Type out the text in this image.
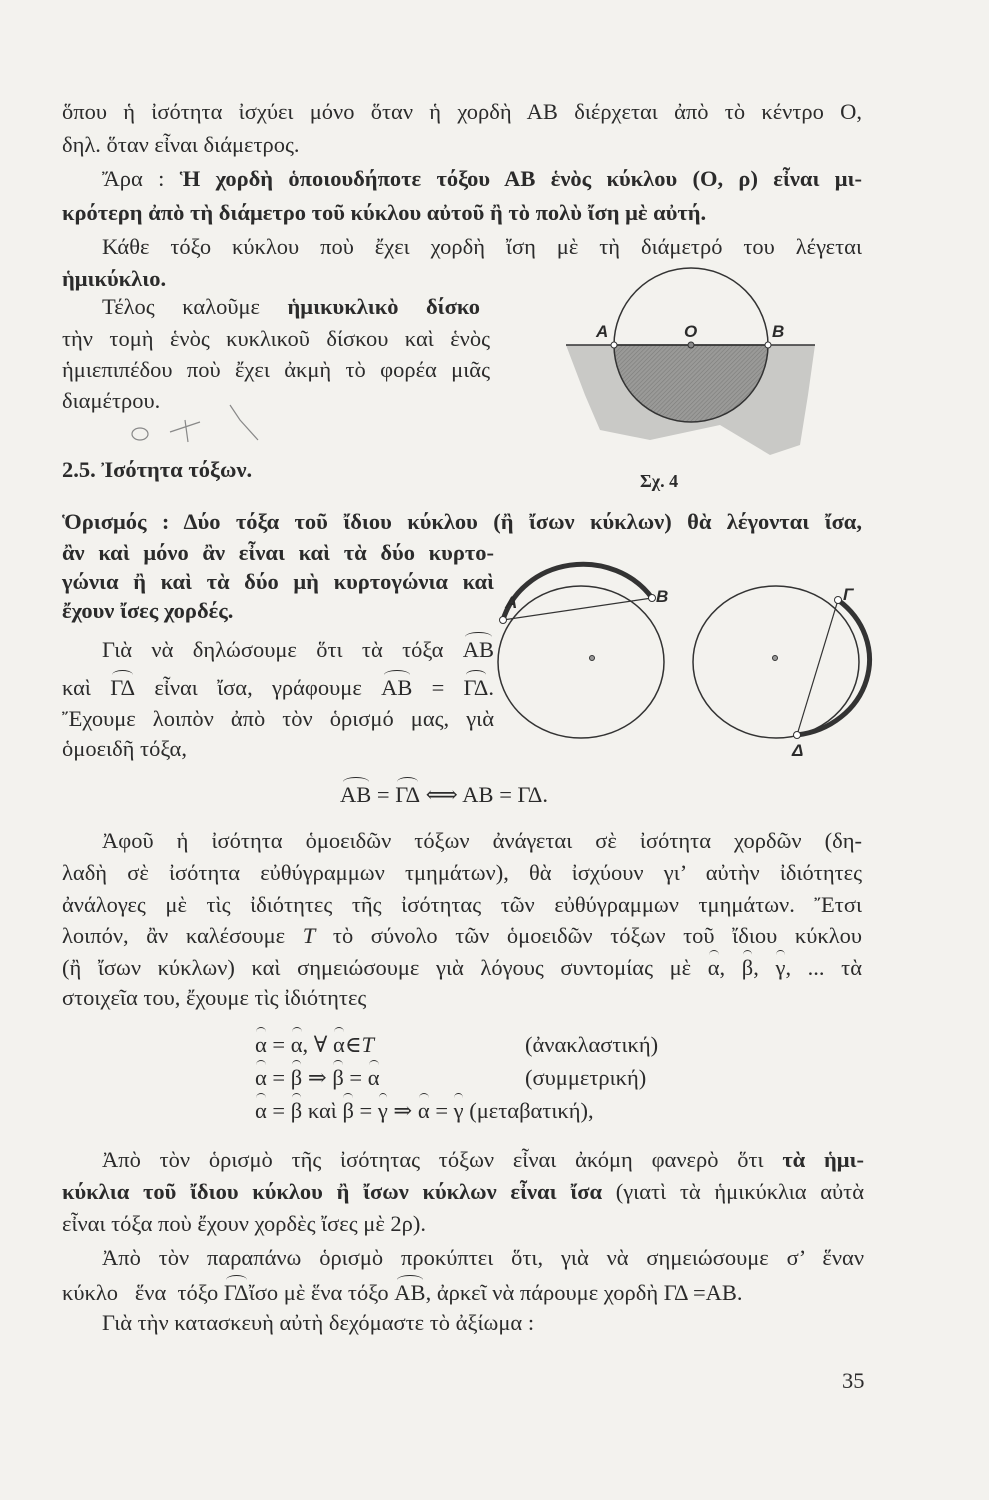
A	O	B
Σχ. 4
A	B	Γ
Δ
ὅπου ἡ ἰσότητα ἰσχύει μόνο ὅταν ἡ χορδὴ ΑΒ διέρχεται ἀπὸ τὸ κέντρο Ο,
δηλ. ὅταν εἶναι διάμετρος.
Ἄρα : Ἡ χορδὴ ὁποιουδήποτε τόξου ΑΒ ἑνὸς κύκλου (Ο, ρ) εἶναι μι-
κρότερη ἀπὸ τὴ διάμετρο τοῦ κύκλου αὐτοῦ ἢ τὸ πολὺ ἴση μὲ αὐτή.
Κάθε τόξο κύκλου ποὺ ἔχει χορδὴ ἴση μὲ τὴ διάμετρό του λέγεται
ἡμικύκλιο.
Τέλος καλοῦμε ἡμικυκλικὸ δίσκο
τὴν τομὴ ἑνὸς κυκλικοῦ δίσκου καὶ ἑνὸς
ἡμιεπιπέδου ποὺ ἔχει ἀκμὴ τὸ φορέα μιᾶς
διαμέτρου.
2.5. Ἰσότητα τόξων.
Ὁρισμός : Δύο τόξα τοῦ ἴδιου κύκλου (ἢ ἴσων κύκλων) θὰ λέγονται ἴσα,
ἂν καὶ μόνο ἂν εἶναι καὶ τὰ δύο κυρτο-
γώνια ἢ καὶ τὰ δύο μὴ κυρτογώνια καὶ
ἔχουν ἴσες χορδές.
Γιὰ νὰ δηλώσουμε ὅτι τὰ τόξα AB
καὶ ΓΔ εἶναι ἴσα, γράφουμε AB = ΓΔ.
Ἔχουμε λοιπὸν ἀπὸ τὸν ὁρισμό μας, γιὰ
ὁμοειδῆ τόξα,
AB = ΓΔ ⟺ AB = ΓΔ.
Ἀφοῦ ἡ ἰσότητα ὁμοειδῶν τόξων ἀνάγεται σὲ ἰσότητα χορδῶν (δη-
λαδὴ σὲ ἰσότητα εὐθύγραμμων τμημάτων), θὰ ἰσχύουν γι’ αὐτὴν ἰδιότητες
ἀνάλογες μὲ τὶς ἰδιότητες τῆς ἰσότητας τῶν εὐθύγραμμων τμημάτων. Ἔτσι
λοιπόν, ἂν καλέσουμε T τὸ σύνολο τῶν ὁμοειδῶν τόξων τοῦ ἴδιου κύκλου
(ἢ ἴσων κύκλων) καὶ σημειώσουμε γιὰ λόγους συντομίας μὲ α, β, γ, ... τὰ
στοιχεῖα του, ἔχουμε τὶς ἰδιότητες
α = α, ∀ α∈T	(ἀνακλαστική)
α = β ⇒ β = α	(συμμετρική)
α = β καὶ β = γ ⇒ α = γ (μεταβατική),
Ἀπὸ τὸν ὁρισμὸ τῆς ἰσότητας τόξων εἶναι ἀκόμη φανερὸ ὅτι τὰ ἡμι-
κύκλια τοῦ ἴδιου κύκλου ἢ ἴσων κύκλων εἶναι ἴσα (γιατὶ τὰ ἡμικύκλια αὐτὰ
εἶναι τόξα ποὺ ἔχουν χορδὲς ἴσες μὲ 2ρ).
Ἀπὸ τὸν παραπάνω ὁρισμὸ προκύπτει ὅτι, γιὰ νὰ σημειώσουμε σ’ ἕναν
κύκλο   ἕνα  τόξο ΓΔἴσο μὲ ἕνα τόξο AB, ἀρκεῖ νὰ πάρουμε χορδὴ ΓΔ =AB.
Γιὰ τὴν κατασκευὴ αὐτὴ δεχόμαστε τὸ ἀξίωμα :
35
